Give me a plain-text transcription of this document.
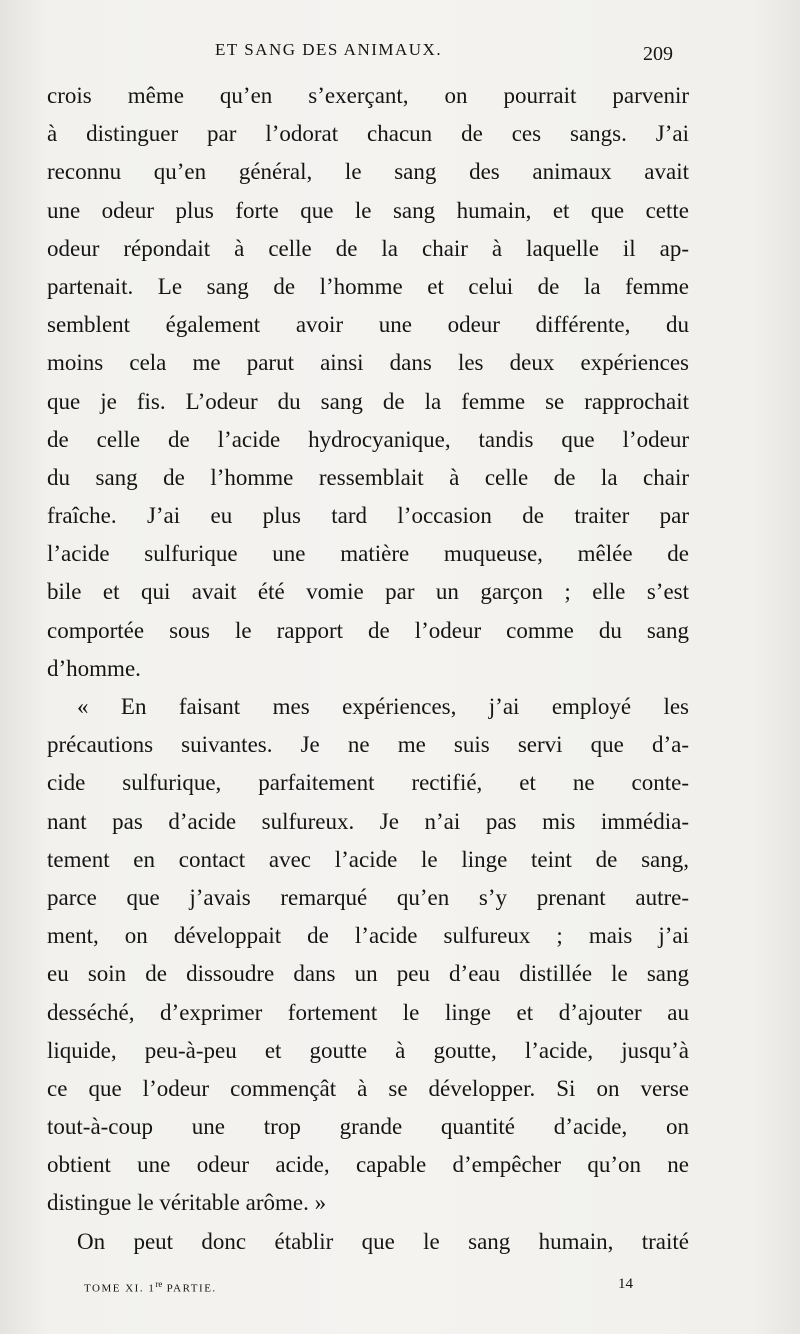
ET SANG DES ANIMAUX.	209
crois même qu’en s’exerçant, on pourrait parvenir
à distinguer par l’odorat chacun de ces sangs. J’ai
reconnu qu’en général, le sang des animaux avait
une odeur plus forte que le sang humain, et que cette
odeur répondait à celle de la chair à laquelle il ap-
partenait. Le sang de l’homme et celui de la femme
semblent également avoir une odeur différente, du
moins cela me parut ainsi dans les deux expériences
que je fis. L’odeur du sang de la femme se rapprochait
de celle de l’acide hydrocyanique, tandis que l’odeur
du sang de l’homme ressemblait à celle de la chair
fraîche. J’ai eu plus tard l’occasion de traiter par
l’acide sulfurique une matière muqueuse, mêlée de
bile et qui avait été vomie par un garçon ; elle s’est
comportée sous le rapport de l’odeur comme du sang
d’homme.
« En faisant mes expériences, j’ai employé les
précautions suivantes. Je ne me suis servi que d’a-
cide sulfurique, parfaitement rectifié, et ne conte-
nant pas d’acide sulfureux. Je n’ai pas mis immédia-
tement en contact avec l’acide le linge teint de sang,
parce que j’avais remarqué qu’en s’y prenant autre-
ment, on développait de l’acide sulfureux ; mais j’ai
eu soin de dissoudre dans un peu d’eau distillée le sang
desséché, d’exprimer fortement le linge et d’ajouter au
liquide, peu-à-peu et goutte à goutte, l’acide, jusqu’à
ce que l’odeur commençât à se développer. Si on verse
tout-à-coup une trop grande quantité d’acide, on
obtient une odeur acide, capable d’empêcher qu’on ne
distingue le véritable arôme. »
On peut donc établir que le sang humain, traité
TOME XI. 1re PARTIE.	14
